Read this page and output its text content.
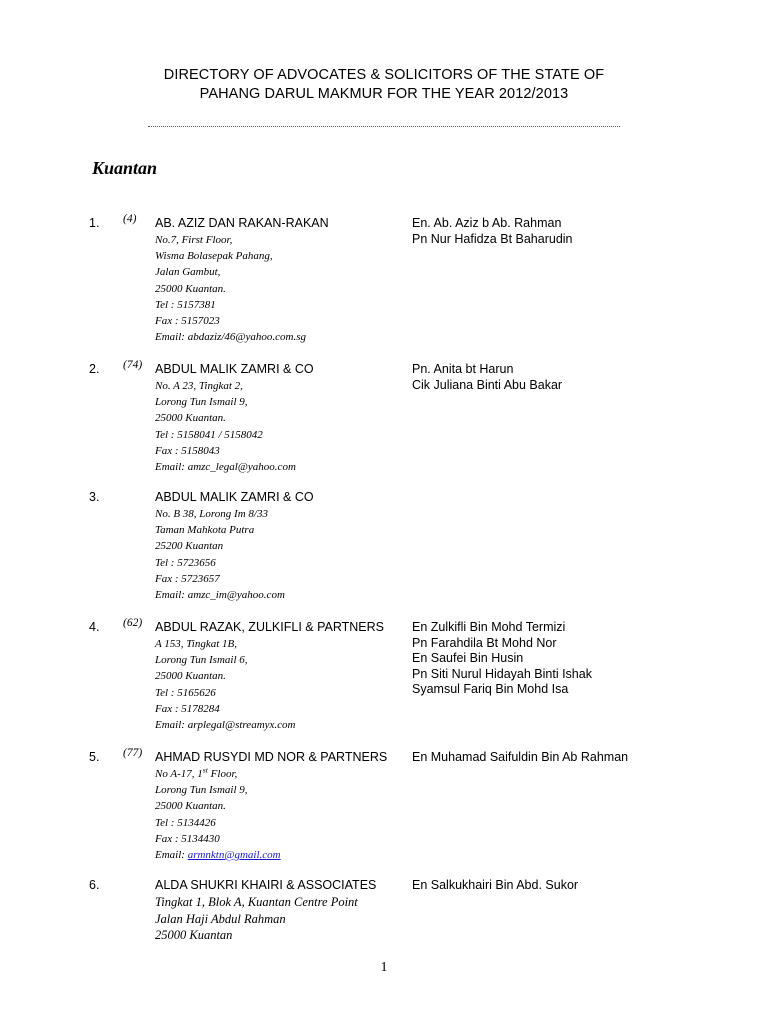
DIRECTORY OF ADVOCATES & SOLICITORS OF THE STATE OF
PAHANG DARUL MAKMUR FOR THE YEAR 2012/2013
Kuantan
1. (4) AB. AZIZ DAN RAKAN-RAKAN
No.7, First Floor,
Wisma Bolasepak Pahang,
Jalan Gambut,
25000 Kuantan.
Tel : 5157381
Fax : 5157023
Email: abdaziz/46@yahoo.com.sg
En. Ab. Aziz b Ab. Rahman
Pn Nur Hafidza Bt Baharudin
2. (74) ABDUL MALIK ZAMRI & CO
No. A 23, Tingkat 2,
Lorong Tun Ismail 9,
25000 Kuantan.
Tel : 5158041 / 5158042
Fax : 5158043
Email: amzc_legal@yahoo.com
Pn. Anita bt Harun
Cik Juliana Binti Abu Bakar
3.	ABDUL MALIK ZAMRI & CO
No. B 38, Lorong Im 8/33
Taman Mahkota Putra
25200 Kuantan
Tel : 5723656
Fax : 5723657
Email: amzc_im@yahoo.com
4. (62) ABDUL RAZAK, ZULKIFLI & PARTNERS
A 153, Tingkat 1B,
Lorong Tun Ismail 6,
25000 Kuantan.
Tel : 5165626
Fax : 5178284
Email: arplegal@streamyx.com
En Zulkifli Bin Mohd Termizi
Pn Farahdila Bt Mohd Nor
En Saufei Bin Husin
Pn Siti Nurul Hidayah Binti Ishak
Syamsul Fariq Bin Mohd Isa
5. (77) AHMAD RUSYDI MD NOR & PARTNERS
No A-17, 1st Floor,
Lorong Tun Ismail 9,
25000 Kuantan.
Tel : 5134426
Fax : 5134430
Email: armnktn@gmail.com
En Muhamad Saifuldin Bin Ab Rahman
6.	ALDA SHUKRI KHAIRI & ASSOCIATES
Tingkat 1, Blok A, Kuantan Centre Point
Jalan Haji Abdul Rahman
25000 Kuantan
En Salkukhairi Bin Abd. Sukor
1
